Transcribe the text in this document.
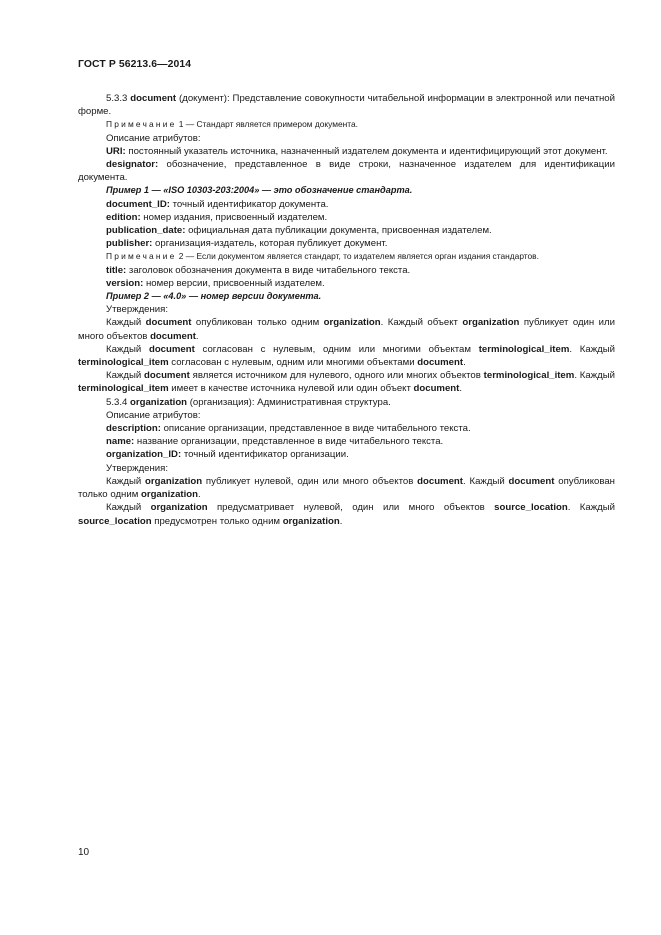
ГОСТ Р 56213.6—2014

5.3.3 document (документ): Представление совокупности читабельной информации в электронной или печатной форме.

Примечание 1 — Стандарт является примером документа.

Описание атрибутов:

URI: постоянный указатель источника, назначенный издателем документа и идентифицирующий этот документ.

designator: обозначение, представленное в виде строки, назначенное издателем для идентификации документа.

Пример 1 — «ISO 10303-203:2004» — это обозначение стандарта.

document_ID: точный идентификатор документа.

edition: номер издания, присвоенный издателем.

publication_date: официальная дата публикации документа, присвоенная издателем.

publisher: организация-издатель, которая публикует документ.

Примечание 2 — Если документом является стандарт, то издателем является орган издания стандартов.

title: заголовок обозначения документа в виде читабельного текста.

version: номер версии, присвоенный издателем.

Пример 2 — «4.0» — номер версии документа.

Утверждения:

Каждый document опубликован только одним organization. Каждый объект organization публикует один или много объектов document.

Каждый document согласован с нулевым, одним или многими объектам terminological_item. Каждый terminological_item согласован с нулевым, одним или многими объектами document.

Каждый document является источником для нулевого, одного или многих объектов terminological_item. Каждый terminological_item имеет в качестве источника нулевой или один объект document.

5.3.4 organization (организация): Административная структура.

Описание атрибутов:

description: описание организации, представленное в виде читабельного текста.

name: название организации, представленное в виде читабельного текста.

organization_ID: точный идентификатор организации.

Утверждения:

Каждый organization публикует нулевой, один или много объектов document. Каждый document опубликован только одним organization.

Каждый organization предусматривает нулевой, один или много объектов source_location. Каждый source_location предусмотрен только одним organization.

10
